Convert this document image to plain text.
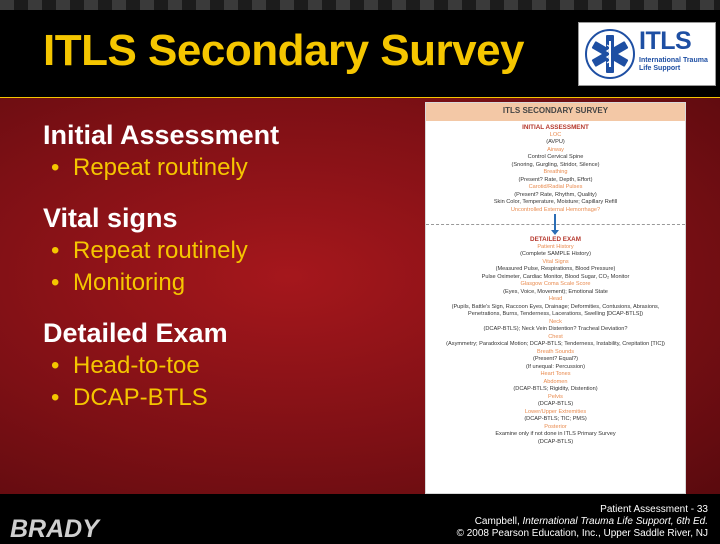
ITLS Secondary Survey	ITLS
International Trauma Life Support
Initial Assessment
• Repeat routinely
Vital signs
• Repeat routinely
• Monitoring
Detailed Exam
• Head-to-toe
• DCAP-BTLS
ITLS SECONDARY SURVEY
INITIAL ASSESSMENT
LOC
(AVPU)
Airway
Control Cervical Spine
(Snoring, Gurgling, Stridor, Silence)
Breathing
(Present? Rate, Depth, Effort)
Carotid/Radial Pulses
(Present? Rate, Rhythm, Quality)
Skin Color, Temperature, Moisture; Capillary Refill
Uncontrolled External Hemorrhage?
DETAILED EXAM
Patient History
(Complete SAMPLE History)
Vital Signs
(Measured Pulse, Respirations, Blood Pressure)
Pulse Oximeter, Cardiac Monitor, Blood Sugar, CO₂ Monitor
Glasgow Coma Scale Score
(Eyes, Voice, Movement); Emotional State
Head
(Pupils, Battle's Sign, Raccoon Eyes, Drainage; Deformities, Contusions, Abrasions,
Penetrations, Burns, Tenderness, Lacerations, Swelling [DCAP-BTLS])
Neck
(DCAP-BTLS); Neck Vein Distention? Tracheal Deviation?
Chest
(Asymmetry; Paradoxical Motion; DCAP-BTLS; Tenderness, Instability, Crepitation [TIC])
Breath Sounds
(Present? Equal?)
(If unequal: Percussion)
Heart Tones
Abdomen
(DCAP-BTLS; Rigidity, Distention)
Pelvis
(DCAP-BTLS)
Lower/Upper Extremities
(DCAP-BTLS; TIC; PMS)
Posterior
Examine only if not done in ITLS Primary Survey
(DCAP-BTLS)
BRADY
Patient Assessment - 33
Campbell, International Trauma Life Support, 6th Ed.
© 2008 Pearson Education, Inc., Upper Saddle River, NJ
